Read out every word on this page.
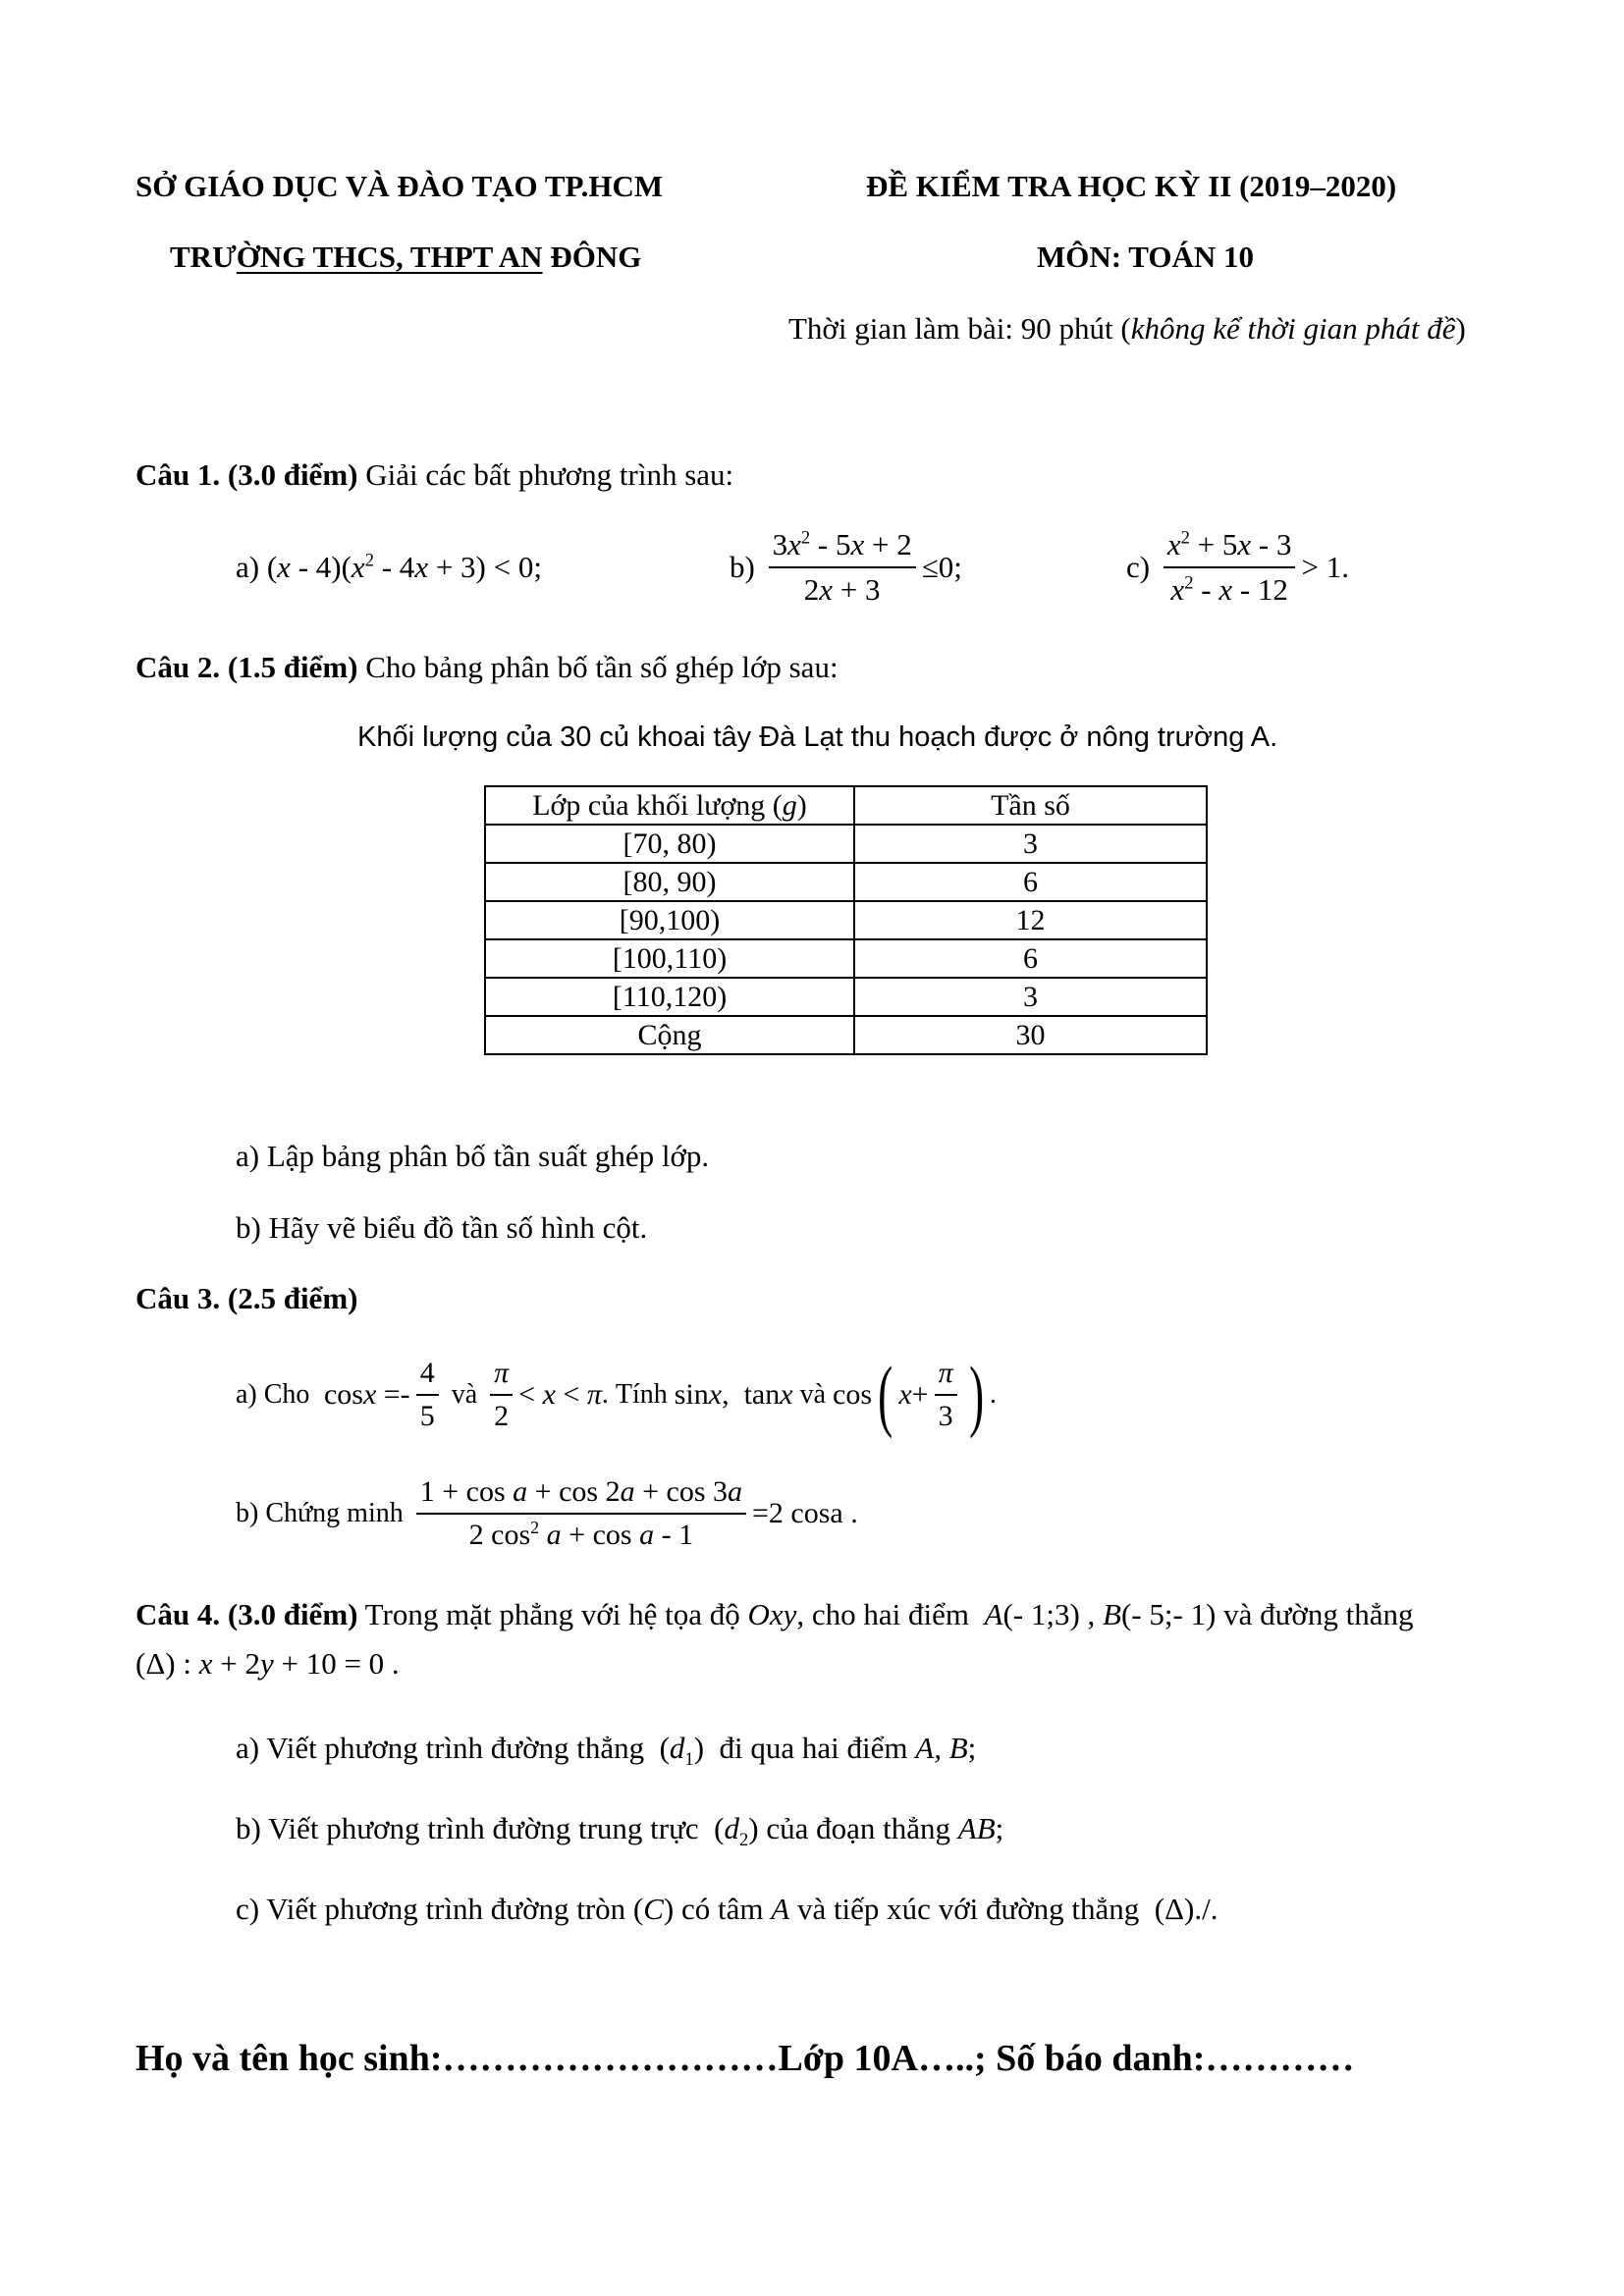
SỞ GIÁO DỤC VÀ ĐÀO TẠO TP.HCM	ĐỀ KIỂM TRA HỌC KỲ II (2019–2020)
TRƯỜNG THCS, THPT AN ĐÔNG	MÔN: TOÁN 10
Thời gian làm bài: 90 phút (không kể thời gian phát đề)
Câu 1. (3.0 điểm) Giải các bất phương trình sau:
a) $(x - 4)(x^2 - 4x + 3) < 0$;	$b) \frac{3x^2 - 5x + 2}{2x + 3} \le 0$;	$c) \frac{x^2 + 5x - 3}{x^2 - x - 12} > 1$.
Câu 2. (1.5 điểm) Cho bảng phân bố tần số ghép lớp sau:
Khối lượng của 30 củ khoai tây Đà Lạt thu hoạch được ở nông trường A.
Lớp của khối lượng (g)	Tần số
[70, 80)	3
[80, 90)	6
[90,100)	12
[100,110)	6
[110,120)	3
Cộng	30
a) Lập bảng phân bố tần suất ghép lớp.
b) Hãy vẽ biểu đồ tần số hình cột.
Câu 3. (2.5 điểm)
a) Cho  $\cos x =- \frac{4}{5}$ và $\frac{\pi}{2} < x < \pi$. Tính sinx,  tanx và cos( $x+ \frac{\pi}{3}$ ) .
b) Chứng minh $\frac{\text{1 + cos a + cos 2a + cos 3a}}{2 \cos^2 a + \cos a - 1} =2$ cosa .
Câu 4. (3.0 điểm) Trong mặt phẳng với hệ tọa độ Oxy, cho hai điểm A(- 1;3) , B(- 5;- 1) và đường thẳng
(Δ) : x + 2y + 10 = 0 .
a) Viết phương trình đường thẳng  $(d_1)$  đi qua hai điểm A, B;
b) Viết phương trình đường trung trực  $(d_2)$ của đoạn thẳng AB;
c) Viết phương trình đường tròn (C) có tâm A và tiếp xúc với đường thẳng  (Δ)./.
Họ và tên học sinh:………………………Lớp 10A…..; Số báo danh:…………
